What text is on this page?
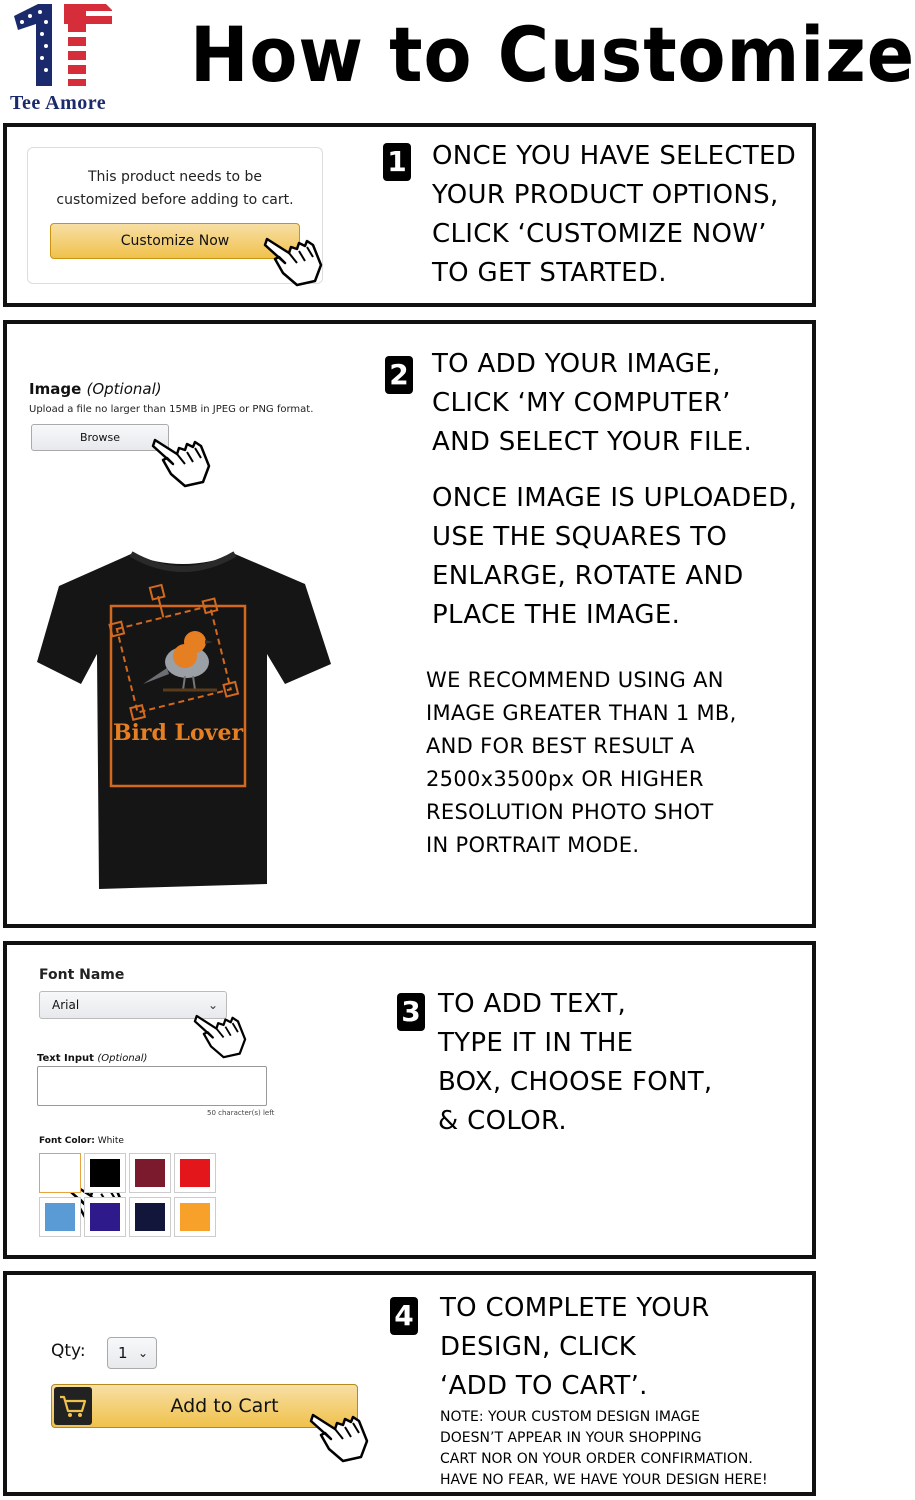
Tee Amore
How to Customize
This product needs to be
customized before adding to cart.
Customize Now
1 ONCE YOU HAVE SELECTED
YOUR PRODUCT OPTIONS,
CLICK ‘CUSTOMIZE NOW’
TO GET STARTED.
Image (Optional)
Upload a file no larger than 15MB in JPEG or PNG format.
Browse
Bird Lover
2 TO ADD YOUR IMAGE,
CLICK ‘MY COMPUTER’
AND SELECT YOUR FILE.
ONCE IMAGE IS UPLOADED,
USE THE SQUARES TO
ENLARGE, ROTATE AND
PLACE THE IMAGE.
WE RECOMMEND USING AN
IMAGE GREATER THAN 1 MB,
AND FOR BEST RESULT A
2500x3500px OR HIGHER
RESOLUTION PHOTO SHOT
IN PORTRAIT MODE.
Font Name
Arial	⌄
Text Input (Optional)
50 character(s) left
Font Color: White
3 TO ADD TEXT,
TYPE IT IN THE
BOX, CHOOSE FONT,
& COLOR.
Qty:	1 ⌄
Add to Cart
4 TO COMPLETE YOUR
DESIGN, CLICK
‘ADD TO CART’.
NOTE: YOUR CUSTOM DESIGN IMAGE
DOESN’T APPEAR IN YOUR SHOPPING
CART NOR ON YOUR ORDER CONFIRMATION.
HAVE NO FEAR, WE HAVE YOUR DESIGN HERE!
